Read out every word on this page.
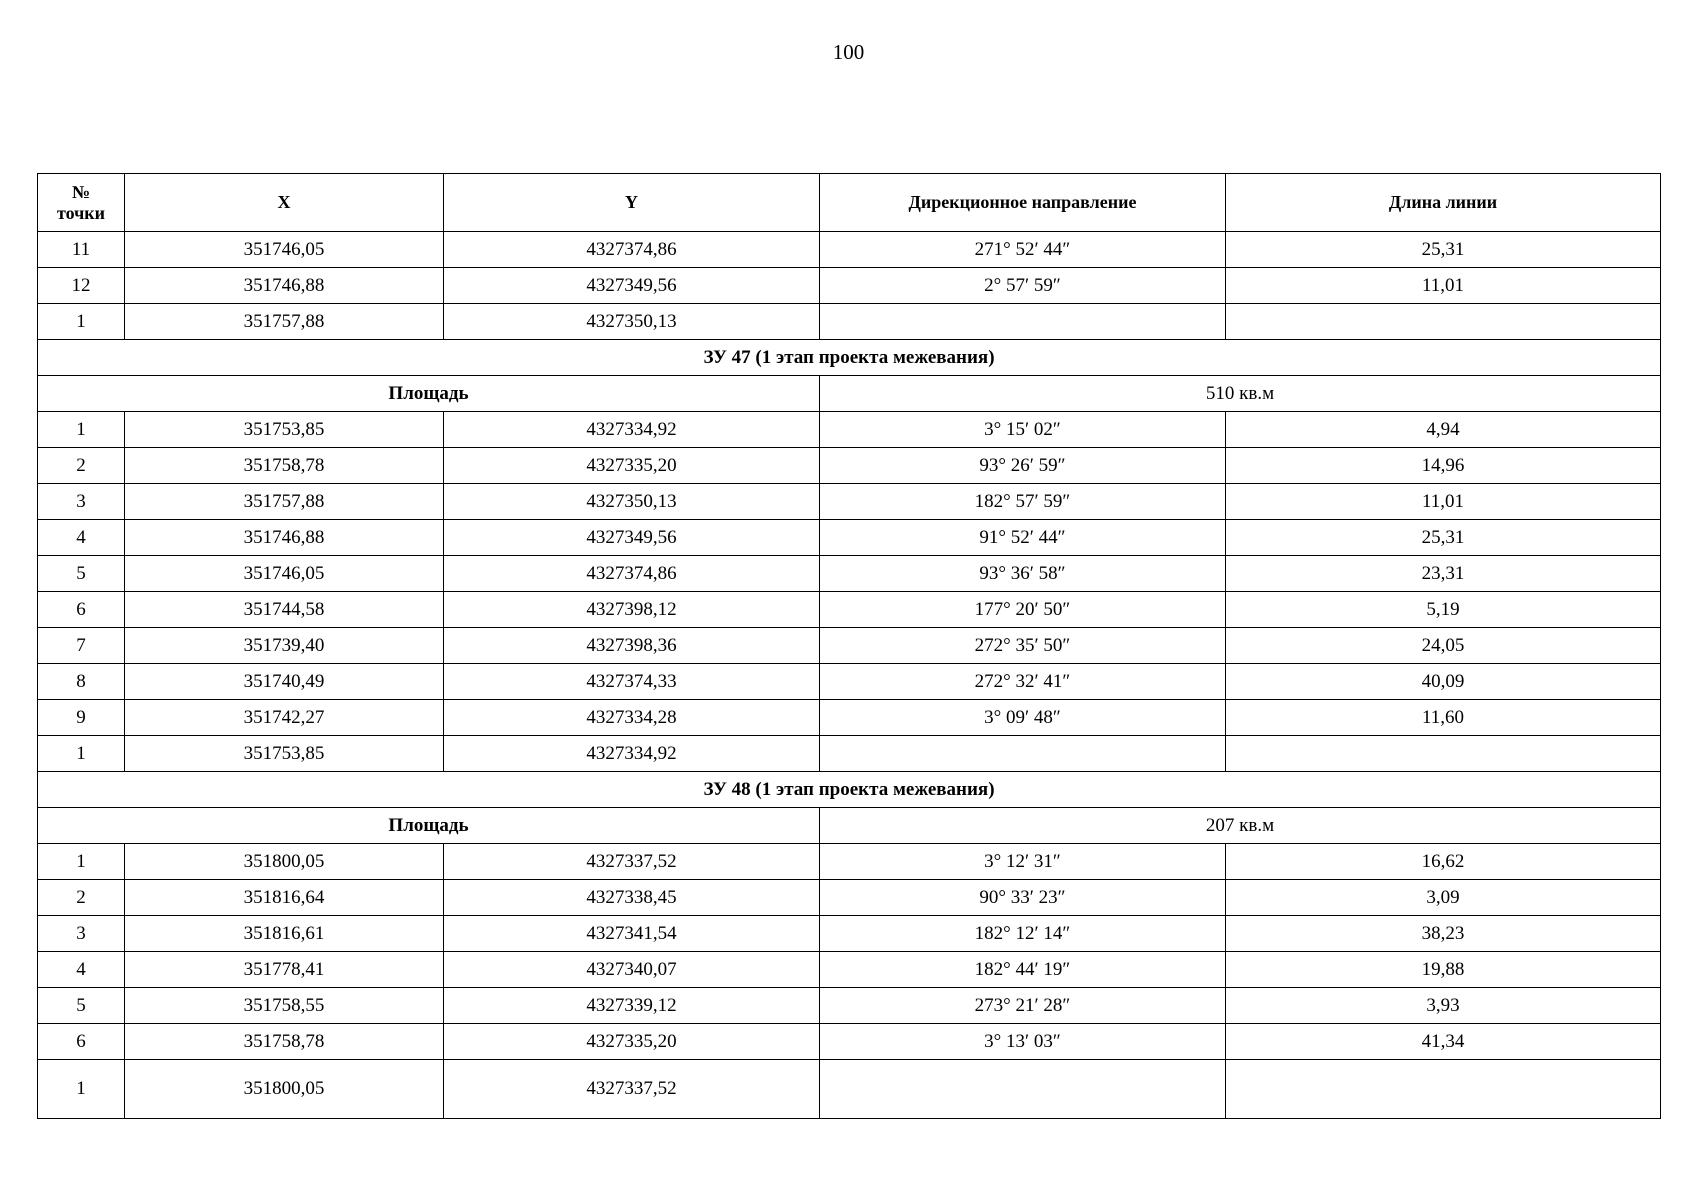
100
№
точки	X	Y	Дирекционное направление	Длина линии
11	351746,05	4327374,86	271° 52′ 44″	25,31
12	351746,88	4327349,56	2° 57′ 59″	11,01
1	351757,88	4327350,13		
ЗУ 47 (1 этап проекта межевания)				
Площадь			510 кв.м	
1	351753,85	4327334,92	3° 15′ 02″	4,94
2	351758,78	4327335,20	93° 26′ 59″	14,96
3	351757,88	4327350,13	182° 57′ 59″	11,01
4	351746,88	4327349,56	91° 52′ 44″	25,31
5	351746,05	4327374,86	93° 36′ 58″	23,31
6	351744,58	4327398,12	177° 20′ 50″	5,19
7	351739,40	4327398,36	272° 35′ 50″	24,05
8	351740,49	4327374,33	272° 32′ 41″	40,09
9	351742,27	4327334,28	3° 09′ 48″	11,60
1	351753,85	4327334,92		
ЗУ 48 (1 этап проекта межевания)				
Площадь			207 кв.м	
1	351800,05	4327337,52	3° 12′ 31″	16,62
2	351816,64	4327338,45	90° 33′ 23″	3,09
3	351816,61	4327341,54	182° 12′ 14″	38,23
4	351778,41	4327340,07	182° 44′ 19″	19,88
5	351758,55	4327339,12	273° 21′ 28″	3,93
6	351758,78	4327335,20	3° 13′ 03″	41,34
1	351800,05	4327337,52		
